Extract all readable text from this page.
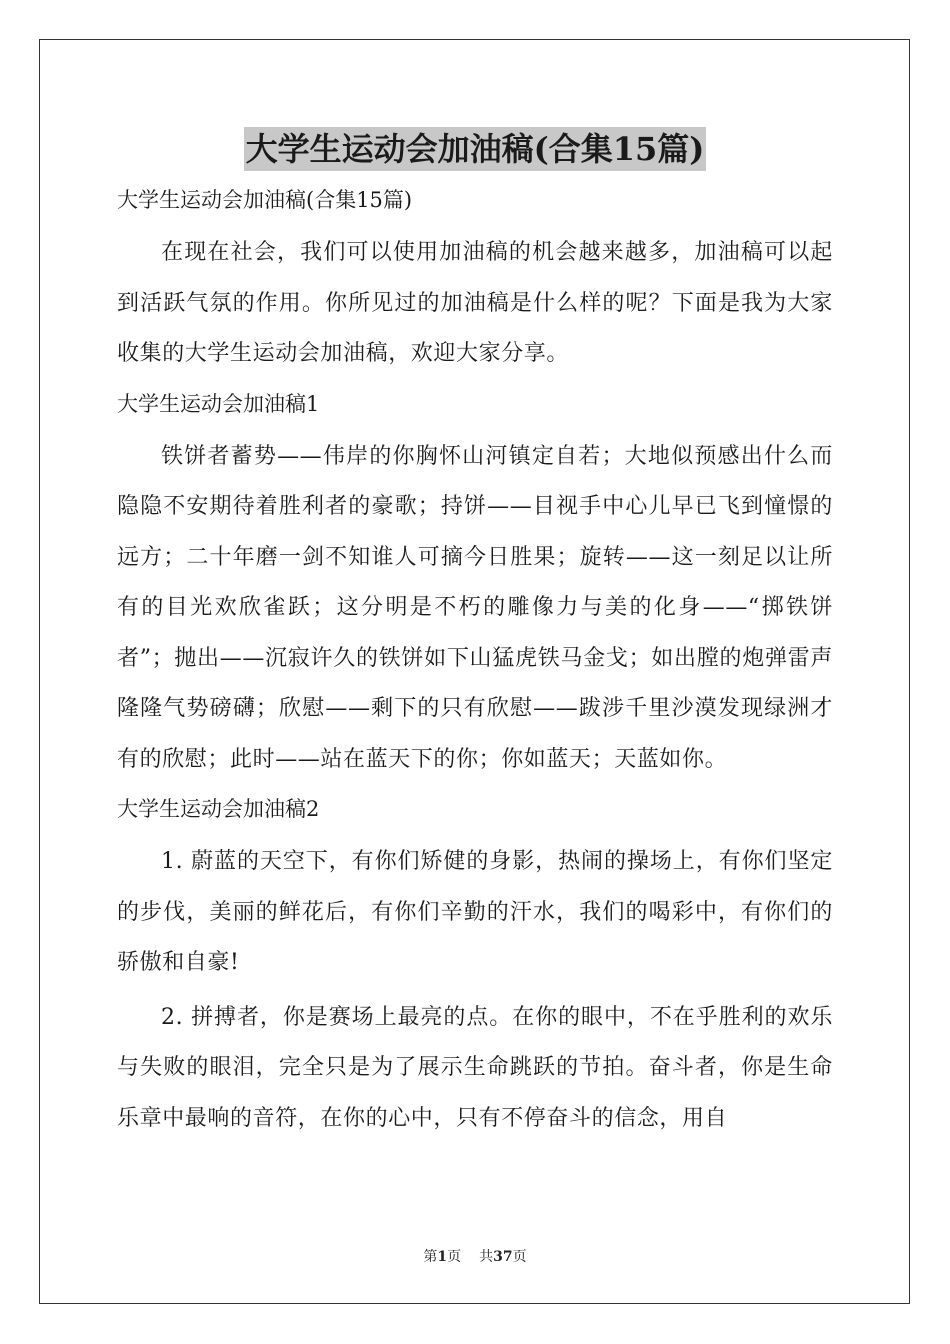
大学生运动会加油稿(合集15篇)
大学生运动会加油稿(合集15篇)

在现在社会，我们可以使用加油稿的机会越来越多，加油稿可以起到活跃气氛的作用。你所见过的加油稿是什么样的呢？下面是我为大家收集的大学生运动会加油稿，欢迎大家分享。

大学生运动会加油稿1

铁饼者蓄势——伟岸的你胸怀山河镇定自若；大地似预感出什么而隐隐不安期待着胜利者的豪歌；持饼——目视手中心儿早已飞到憧憬的远方；二十年磨一剑不知谁人可摘今日胜果；旋转——这一刻足以让所有的目光欢欣雀跃；这分明是不朽的雕像力与美的化身——“掷铁饼者”；抛出——沉寂许久的铁饼如下山猛虎铁马金戈；如出膛的炮弹雷声隆隆气势磅礴；欣慰——剩下的只有欣慰——跋涉千里沙漠发现绿洲才有的欣慰；此时——站在蓝天下的你；你如蓝天；天蓝如你。

大学生运动会加油稿2

1. 蔚蓝的天空下，有你们矫健的身影，热闹的操场上，有你们坚定的步伐，美丽的鲜花后，有你们辛勤的汗水，我们的喝彩中，有你们的骄傲和自豪!

2. 拼搏者，你是赛场上最亮的点。在你的眼中，不在乎胜利的欢乐与失败的眼泪，完全只是为了展示生命跳跃的节拍。奋斗者，你是生命乐章中最响的音符，在你的心中，只有不停奋斗的信念，用自

第1页 共37页
